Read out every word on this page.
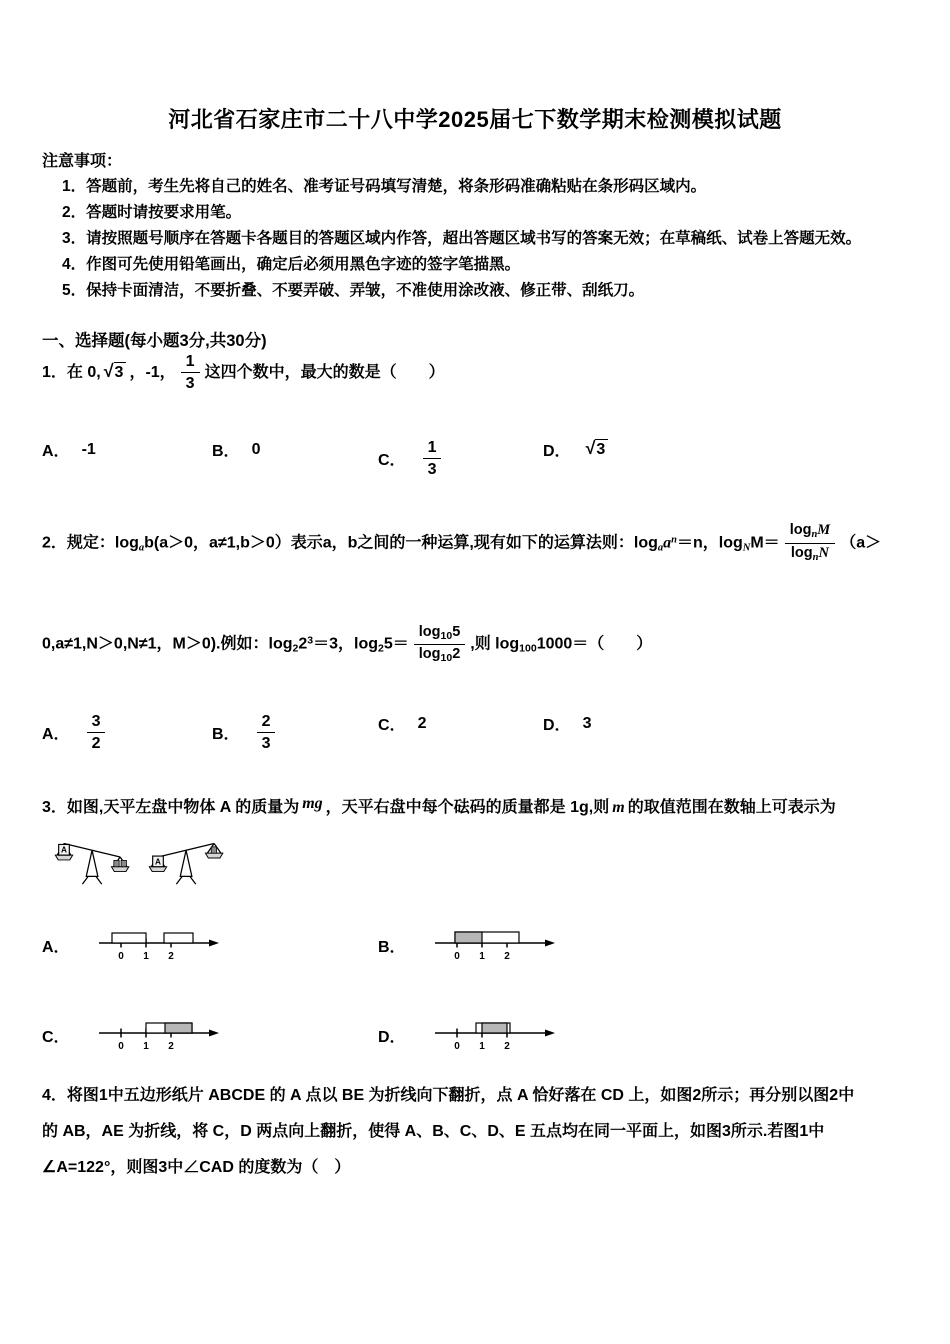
河北省石家庄市二十八中学2025届七下数学期末检测模拟试题
注意事项：
1．答题前，考生先将自己的姓名、准考证号码填写清楚，将条形码准确粘贴在条形码区域内。
2．答题时请按要求用笔。
3．请按照题号顺序在答题卡各题目的答题区域内作答，超出答题区域书写的答案无效；在草稿纸、试卷上答题无效。
4．作图可先使用铅笔画出，确定后必须用黑色字迹的签字笔描黑。
5．保持卡面清洁，不要折叠、不要弄破、弄皱，不准使用涂改液、修正带、刮纸刀。
一、选择题(每小题3分,共30分)

1．在 0, √ 3 ，-1， $\frac{1}{3}$ 这四个数中，最大的数是（　　）

A． -1	B． 0
C． $\frac{1}{3}$	D． √ 3

2．规定：logab(a＞0，a≠1,b＞0）表示a，b之间的一种运算,现有如下的运算法则：logaa$^n$＝n，logNM＝ $\frac{\log_nM}{\log_nN} (a>$

0,a≠1,N＞0,N≠1，M＞0).例如：$\log 22^3=3$，$\log 25= \frac{\log_{10}5}{\log_{10}2}$ ,则 log1001000＝（　　）

A． $\frac{3}{2}$	B． $\frac{2}{3}$	C． 2	D． 3

3．如图,天平左盘中物体 A 的质量为 mg ，天平右盘中每个砝码的质量都是 1g,则 m 的取值范围在数轴上可表示为

A
A
A．
0 1 2
B．
0 1 2
C．
0 1 2
D．
0 1 2

4．将图1中五边形纸片 ABCDE 的 A 点以 BE 为折线向下翻折，点 A 恰好落在 CD 上，如图2所示；再分别以图2中

的 AB，AE 为折线，将 C，D 两点向上翻折，使得 A、B、C、D、E 五点均在同一平面上，如图3所示.若图1中

∠A=122°，则图3中∠CAD 的度数为（　）
